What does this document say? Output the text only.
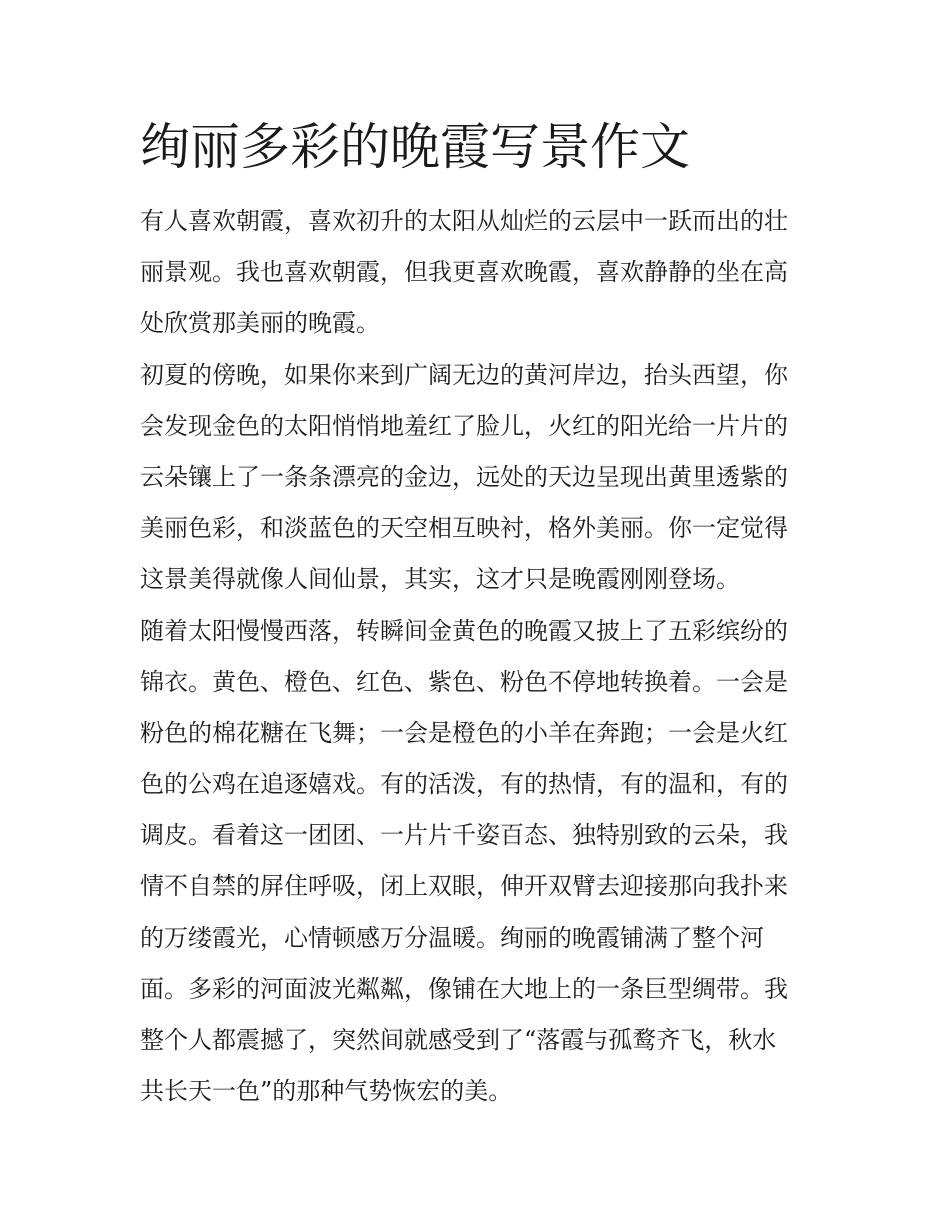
绚丽多彩的晚霞写景作文
有人喜欢朝霞，喜欢初升的太阳从灿烂的云层中一跃而出的壮
丽景观。我也喜欢朝霞，但我更喜欢晚霞，喜欢静静的坐在高
处欣赏那美丽的晚霞。
初夏的傍晚，如果你来到广阔无边的黄河岸边，抬头西望，你
会发现金色的太阳悄悄地羞红了脸儿，火红的阳光给一片片的
云朵镶上了一条条漂亮的金边，远处的天边呈现出黄里透紫的
美丽色彩，和淡蓝色的天空相互映衬，格外美丽。你一定觉得
这景美得就像人间仙景，其实，这才只是晚霞刚刚登场。
随着太阳慢慢西落，转瞬间金黄色的晚霞又披上了五彩缤纷的
锦衣。黄色、橙色、红色、紫色、粉色不停地转换着。一会是
粉色的棉花糖在飞舞；一会是橙色的小羊在奔跑；一会是火红
色的公鸡在追逐嬉戏。有的活泼，有的热情，有的温和，有的
调皮。看着这一团团、一片片千姿百态、独特别致的云朵，我
情不自禁的屏住呼吸，闭上双眼，伸开双臂去迎接那向我扑来
的万缕霞光，心情顿感万分温暖。绚丽的晚霞铺满了整个河
面。多彩的河面波光粼粼，像铺在大地上的一条巨型绸带。我
整个人都震撼了，突然间就感受到了“落霞与孤鹜齐飞，秋水
共长天一色”的那种气势恢宏的美。
